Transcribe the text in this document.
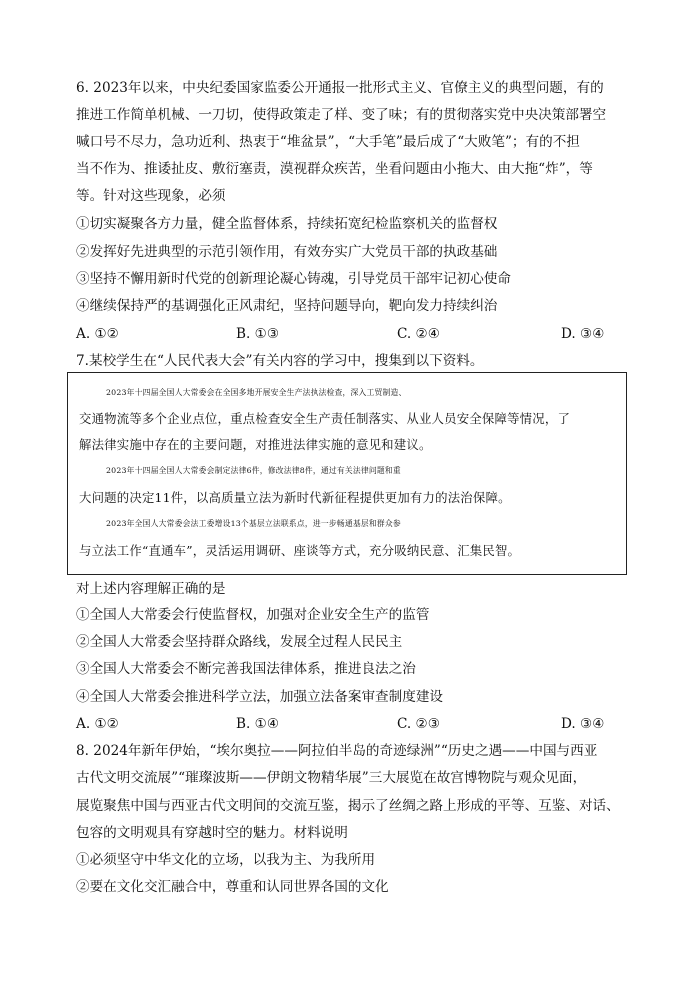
6. 2023年以来，中央纪委国家监委公开通报一批形式主义、官僚主义的典型问题，有的
推进工作简单机械、一刀切，使得政策走了样、变了味；有的贯彻落实党中央决策部署空
喊口号不尽力，急功近利、热衷于“堆盆景”，“大手笔”最后成了“大败笔”；有的不担
当不作为、推诿扯皮、敷衍塞责，漠视群众疾苦，坐看问题由小拖大、由大拖“炸”，等
等。针对这些现象，必须
①切实凝聚各方力量，健全监督体系，持续拓宽纪检监察机关的监督权
②发挥好先进典型的示范引领作用，有效夯实广大党员干部的执政基础
③坚持不懈用新时代党的创新理论凝心铸魂，引导党员干部牢记初心使命
④继续保持严的基调强化正风肃纪，坚持问题导向，靶向发力持续纠治
A. ①②	B. ①③	C. ②④	D. ③④
7.某校学生在“人民代表大会”有关内容的学习中，搜集到以下资料。
2023年十四届全国人大常委会在全国多地开展安全生产法执法检查，深入工贸制造、
交通物流等多个企业点位，重点检查安全生产责任制落实、从业人员安全保障等情况，了
解法律实施中存在的主要问题，对推进法律实施的意见和建议。
2023年十四届全国人大常委会制定法律6件，修改法律8件，通过有关法律问题和重
大问题的决定11件，以高质量立法为新时代新征程提供更加有力的法治保障。
2023年全国人大常委会法工委增设13个基层立法联系点，进一步畅通基层和群众参
与立法工作“直通车”，灵活运用调研、座谈等方式，充分吸纳民意、汇集民智。
对上述内容理解正确的是
①全国人大常委会行使监督权，加强对企业安全生产的监管
②全国人大常委会坚持群众路线，发展全过程人民民主
③全国人大常委会不断完善我国法律体系，推进良法之治
④全国人大常委会推进科学立法，加强立法备案审查制度建设
A. ①②	B. ①④	C. ②③	D. ③④
8. 2024年新年伊始，“埃尔奥拉——阿拉伯半岛的奇迹绿洲”“历史之遇——中国与西亚
古代文明交流展”“璀璨波斯——伊朗文物精华展”三大展览在故宫博物院与观众见面，
展览聚焦中国与西亚古代文明间的交流互鉴，揭示了丝绸之路上形成的平等、互鉴、对话、
包容的文明观具有穿越时空的魅力。材料说明
①必须坚守中华文化的立场，以我为主、为我所用
②要在文化交汇融合中，尊重和认同世界各国的文化
